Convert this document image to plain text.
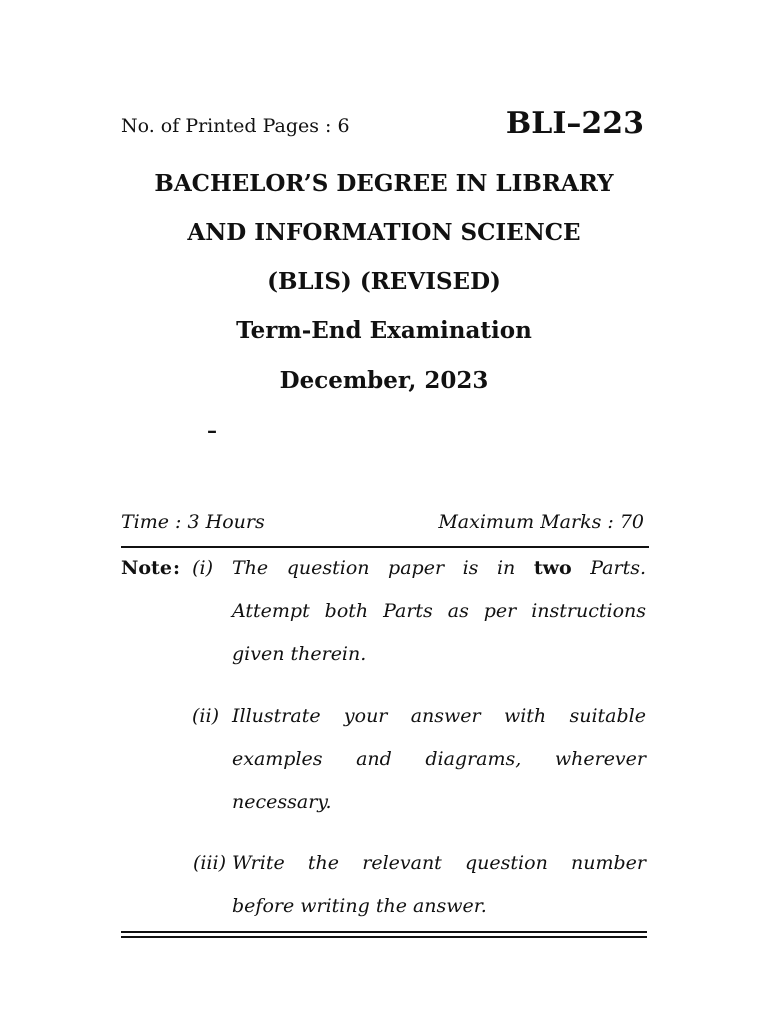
No. of Printed Pages : 6	BLI–223
BACHELOR’S DEGREE IN LIBRARY
AND INFORMATION SCIENCE
(BLIS) (REVISED)
Term-End Examination
December, 2023
–
Time : 3 Hours	Maximum Marks : 70
Note : (i) The question paper is in two Parts.
Attempt both Parts as per instructions
given therein.
(ii) Illustrate your answer with suitable
examples and diagrams, wherever
necessary.
(iii) Write the relevant question number
before writing the answer.
